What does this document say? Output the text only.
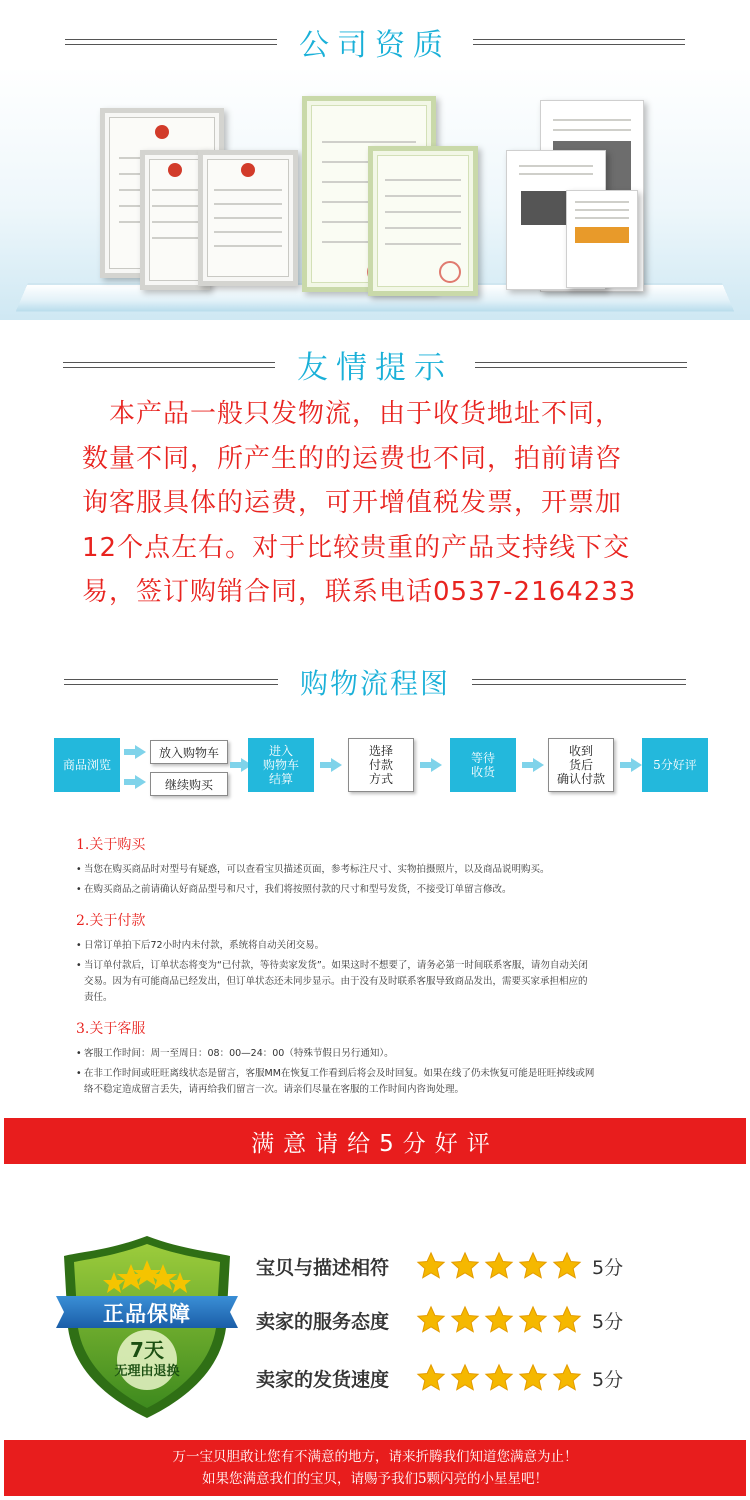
公司资质
友情提示
　本产品一般只发物流，由于收货地址不同，数量不同，所产生的的运费也不同，拍前请咨询客服具体的运费，可开增值税发票，开票加12个点左右。对于比较贵重的产品支持线下交易，签订购销合同，联系电话0537-2164233
购物流程图
商品浏览
放入购物车
继续购买
进入
购物车
结算
选择
付款
方式
等待
收货
收到
货后
确认付款
5分好评
1.关于购买
• 当您在购买商品时对型号有疑惑，可以查看宝贝描述页面，参考标注尺寸、实物拍摄照片，以及商品说明购买。
• 在购买商品之前请确认好商品型号和尺寸，我们将按照付款的尺寸和型号发货，不接受订单留言修改。
2.关于付款
• 日常订单拍下后72小时内未付款，系统将自动关闭交易。
• 当订单付款后，订单状态将变为“已付款，等待卖家发货”。如果这时不想要了，请务必第一时间联系客服，请勿自动关闭交易。因为有可能商品已经发出，但订单状态还未同步显示。由于没有及时联系客服导致商品发出，需要买家承担相应的责任。
3.关于客服
• 客服工作时间：周一至周日：08：00—24：00（特殊节假日另行通知）。
• 在非工作时间或旺旺离线状态是留言，客服MM在恢复工作看到后将会及时回复。如果在线了仍未恢复可能是旺旺掉线或网络不稳定造成留言丢失，请再给我们留言一次。请亲们尽量在客服的工作时间内咨询处理。
满意请给5分好评
正品保障
7天
无理由退换
宝贝与描述相符	5分
卖家的服务态度	5分
卖家的发货速度	5分
万一宝贝胆敢让您有不满意的地方，请来折腾我们知道您满意为止！
如果您满意我们的宝贝，请赐予我们5颗闪亮的小星星吧！
